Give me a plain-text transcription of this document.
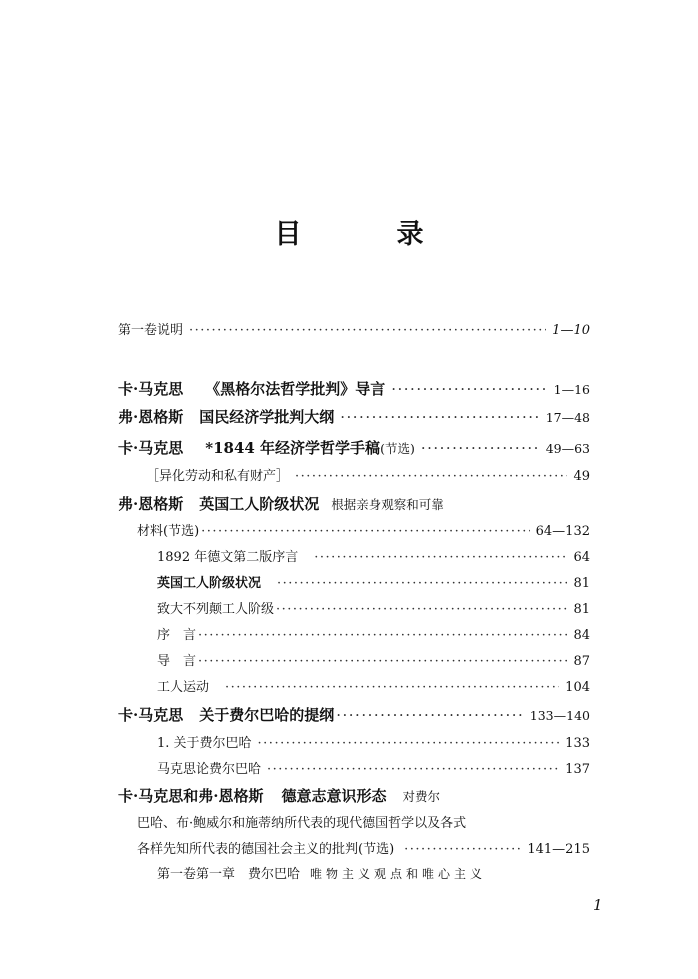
目　录
第一卷说明 ·····	1—10
卡·马克思 《黑格尔法哲学批判》导言 ·····	1—16
弗·恩格斯 国民经济学批判大纲 ·····	17—48
卡·马克思 *1844 年经济学哲学手稿 (节选) ·····	49—63
［异化劳动和私有财产］ ·····	49
弗·恩格斯 英国工人阶级状况 根据亲身观察和可靠
材料(节选) ·····	64—132
1892 年德文第二版序言 ·····	64
英国工人阶级状况 ·····	81
致大不列颠工人阶级 ·····	81
序　言 ·····	84
导　言 ·····	87
工人运动 ·····	104
卡·马克思 关于费尔巴哈的提纲 ·····	133—140
1. 关于费尔巴哈 ·····	133
马克思论费尔巴哈 ·····	137
卡·马克思和弗·恩格斯 德意志意识形态 对费尔
巴哈、布·鲍威尔和施蒂纳所代表的现代德国哲学以及各式
各样先知所代表的德国社会主义的批判(节选) ·····	141—215
第一卷第一章　费尔巴哈 唯物主义观点和唯心主义
1
